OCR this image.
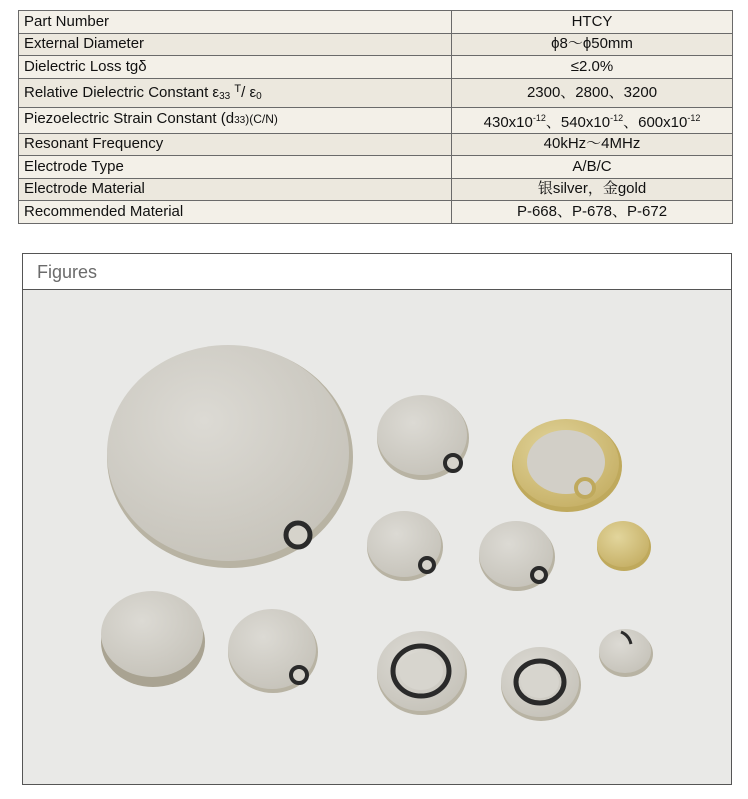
Part Number	HTCY
External Diameter	ϕ8～ϕ50mm
Dielectric Loss tgδ	≤2.0%
Relative Dielectric Constant ε33 $^T$/ ε0	2300、2800、3200
Piezoelectric Strain Constant (d33)(C/N)	$430x10^{-12}$、$540x10^{-12}$、$600x10^{-12}$
Resonant Frequency	40kHz～4MHz
Electrode Type	A/B/C
Electrode Material	银silver，金gold
Recommended Material	P-668、P-678、P-672
Figures
